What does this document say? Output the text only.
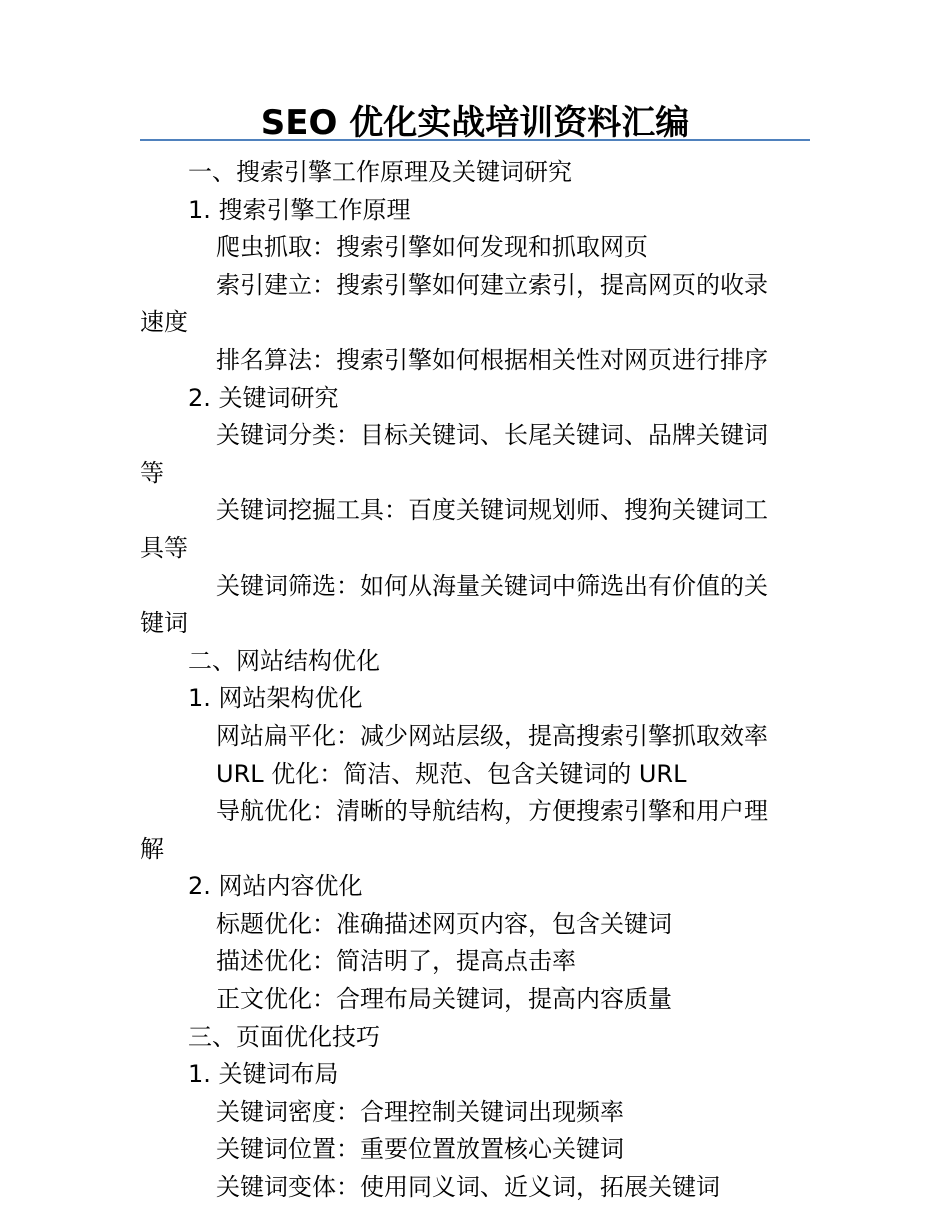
SEO 优化实战培训资料汇编

一、搜索引擎工作原理及关键词研究

1. 搜索引擎工作原理

爬虫抓取：搜索引擎如何发现和抓取网页

索引建立：搜索引擎如何建立索引，提高网页的收录速度

排名算法：搜索引擎如何根据相关性对网页进行排序

2. 关键词研究

关键词分类：目标关键词、长尾关键词、品牌关键词等

关键词挖掘工具：百度关键词规划师、搜狗关键词工具等

关键词筛选：如何从海量关键词中筛选出有价值的关键词

二、网站结构优化

1. 网站架构优化

网站扁平化：减少网站层级，提高搜索引擎抓取效率

URL 优化：简洁、规范、包含关键词的 URL

导航优化：清晰的导航结构，方便搜索引擎和用户理解

2. 网站内容优化

标题优化：准确描述网页内容，包含关键词

描述优化：简洁明了，提高点击率

正文优化：合理布局关键词，提高内容质量

三、页面优化技巧

1. 关键词布局

关键词密度：合理控制关键词出现频率

关键词位置：重要位置放置核心关键词

关键词变体：使用同义词、近义词，拓展关键词
